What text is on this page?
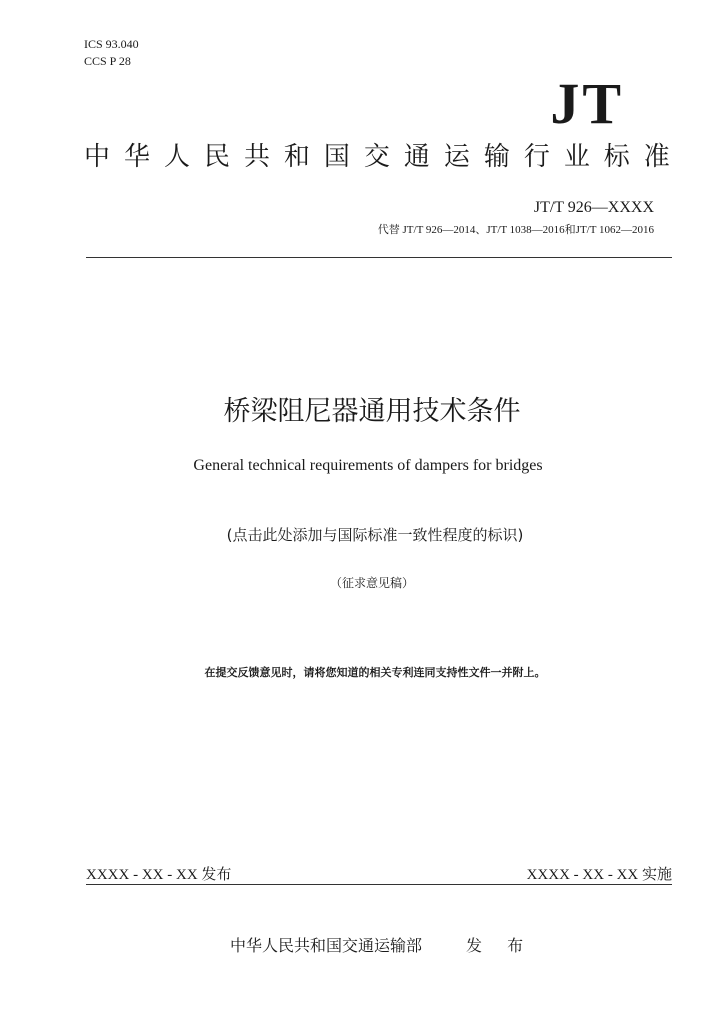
ICS 93.040
CCS P 28
JT
中 华 人 民 共 和 国 交 通 运 输 行 业 标 准
JT/T 926—XXXX
代替 JT/T 926—2014、JT/T 1038—2016和JT/T 1062—2016
桥梁阻尼器通用技术条件
General technical requirements of dampers for bridges
(点击此处添加与国际标准一致性程度的标识)
（征求意见稿）
在提交反馈意见时，请将您知道的相关专利连同支持性文件一并附上。
XXXX - XX - XX 发布	XXXX - XX - XX 实施
中华人民共和国交通运输部	发 布
